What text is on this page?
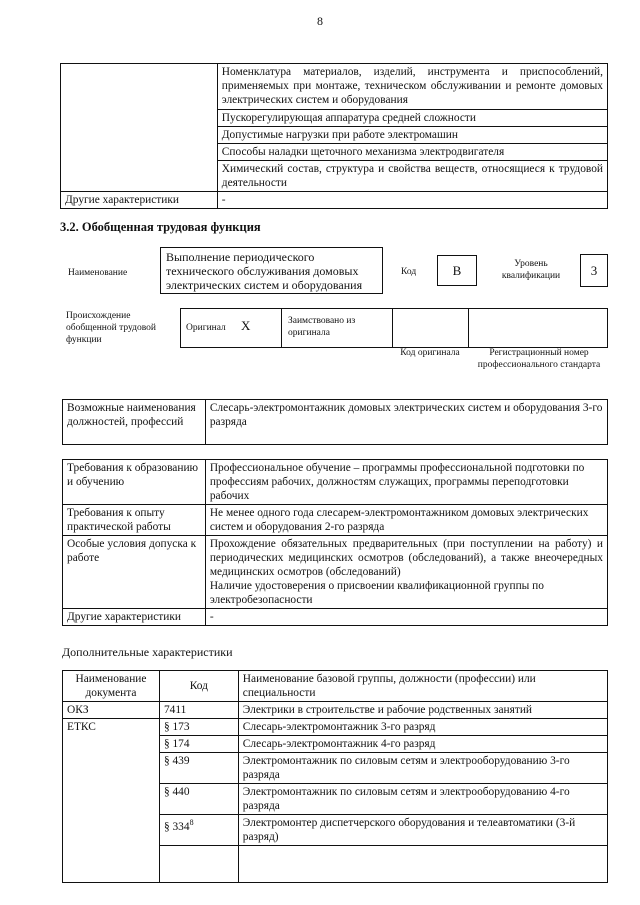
8
	Номенклатура материалов, изделий, инструмента и приспособлений, применяемых при монтаже, техническом обслуживании и ремонте домовых электрических систем и оборудования
	Пускорегулирующая аппаратура средней сложности
	Допустимые нагрузки при работе электромашин
	Способы наладки щеточного механизма электродвигателя
	Химический состав, структура и свойства веществ, относящиеся к трудовой деятельности
Другие характеристики	-
3.2. Обобщенная трудовая функция
Наименование
Выполнение периодического технического обслуживания домовых электрических систем и оборудования
Код	В	Уровень квалификации	3
Происхождение обобщенной трудовой функции
Оригинал X	Заимствовано из оригинала
Код оригинала	Регистрационный номер профессионального стандарта
Возможные наименования должностей, профессий	Слесарь-электромонтажник домовых электрических систем и оборудования 3-го разряда
Требования к образованию и обучению	Профессиональное обучение – программы профессиональной подготовки по профессиям рабочих, должностям служащих, программы переподготовки рабочих
Требования к опыту практической работы	Не менее одного года слесарем-электромонтажником домовых электрических систем и оборудования 2-го разряда
Особые условия допуска к работе	Прохождение обязательных предварительных (при поступлении на работу) и периодических медицинских осмотров (обследований), а также внеочередных медицинских осмотров (обследований)
Наличие удостоверения о присвоении квалификационной группы по электробезопасности

Другие характеристики	-
Дополнительные характеристики
Наименование документа	Код	Наименование базовой группы, должности (профессии) или специальности
ОКЗ	7411	Электрики в строительстве и рабочие родственных занятий
ЕТКС	§ 173	Слесарь-электромонтажник 3-го разряд
	§ 174	Слесарь-электромонтажник 4-го разряд
	§ 439	Электромонтажник по силовым сетям и электрооборудованию 3-го разряда
	§ 440	Электромонтажник по силовым сетям и электрооборудованию 4-го разряда
	§ $334^8$	Электромонтер диспетчерского оборудования и телеавтоматики (3-й разряд)
